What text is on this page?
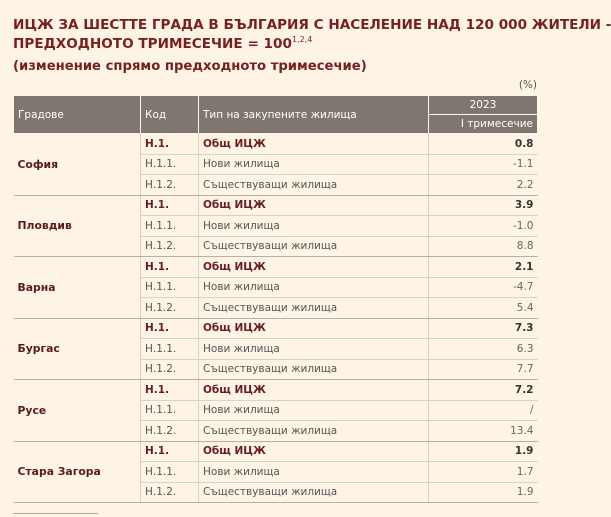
ИЦЖ ЗА ШЕСТТЕ ГРАДА В БЪЛГАРИЯ С НАСЕЛЕНИЕ НАД 120 000 ЖИТЕЛИ -
ПРЕДХОДНОТО ТРИМЕСЕЧИЕ = $100^{1,2,4}$
(изменение спрямо предходното тримесечие)
(%)
Градове	Код	Тип на закупените жилища	2023
			I тримесечие
София	Н.1.	Общ ИЦЖ	0.8
	Н.1.1.	Нови жилища	-1.1
	Н.1.2.	Съществуващи жилища	2.2
Пловдив	Н.1.	Общ ИЦЖ	3.9
	Н.1.1.	Нови жилища	-1.0
	Н.1.2.	Съществуващи жилища	8.8
Варна	Н.1.	Общ ИЦЖ	2.1
	Н.1.1.	Нови жилища	-4.7
	Н.1.2.	Съществуващи жилища	5.4
Бургас	Н.1.	Общ ИЦЖ	7.3
	Н.1.1.	Нови жилища	6.3
	Н.1.2.	Съществуващи жилища	7.7
Русе	Н.1.	Общ ИЦЖ	7.2
	Н.1.1.	Нови жилища	/
	Н.1.2.	Съществуващи жилища	13.4
Стара Загора	Н.1.	Общ ИЦЖ	1.9
	Н.1.1.	Нови жилища	1.7
	Н.1.2.	Съществуващи жилища	1.9
